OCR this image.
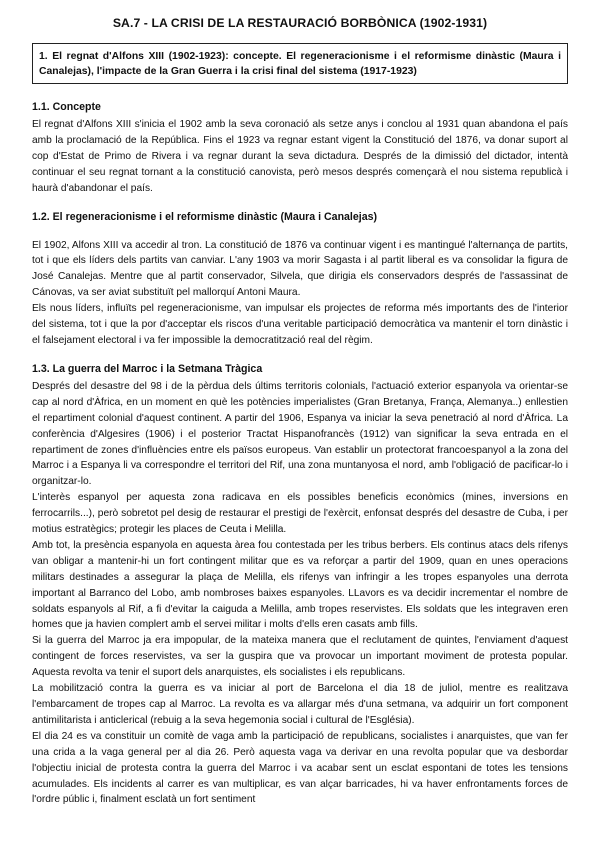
SA.7 - LA CRISI DE LA RESTAURACIÓ BORBÒNICA (1902-1931)
1. El regnat d'Alfons XIII (1902-1923): concepte. El regeneracionisme i el reformisme dinàstic (Maura i Canalejas), l'impacte de la Gran Guerra i la crisi final del sistema (1917-1923)
1.1. Concepte

El regnat d'Alfons XIII s'inicia el 1902 amb la seva coronació als setze anys i conclou al 1931 quan abandona el país amb la proclamació de la República. Fins el 1923 va regnar estant vigent la Constitució del 1876, va donar suport al cop d'Estat de Primo de Rivera i va regnar durant la seva dictadura. Després de la dimissió del dictador, intentà continuar el seu regnat tornant a la constitució canovista, però mesos després començarà el nou sistema republicà i haurà d'abandonar el país.

1.2. El regeneracionisme i el reformisme dinàstic (Maura i Canalejas)

El 1902, Alfons XIII va accedir al tron. La constitució de 1876 va continuar vigent i es mantingué l'alternança de partits, tot i que els líders dels partits van canviar. L'any 1903 va morir Sagasta i al partit liberal es va consolidar la figura de José Canalejas. Mentre que al partit conservador, Silvela, que dirigia els conservadors després de l'assassinat de Cánovas, va ser aviat substituït pel mallorquí Antoni Maura.

Els nous líders, influïts pel regeneracionisme, van impulsar els projectes de reforma més importants des de l'interior del sistema, tot i que la por d'acceptar els riscos d'una veritable participació democràtica va mantenir el torn dinàstic i el falsejament electoral i va fer impossible la democratització real del règim.

1.3. La guerra del Marroc i la Setmana Tràgica

Després del desastre del 98 i de la pèrdua dels últims territoris colonials, l'actuació exterior espanyola va orientar-se cap al nord d'Àfrica, en un moment en què les potències imperialistes (Gran Bretanya, França, Alemanya..) enllestien el repartiment colonial d'aquest continent. A partir del 1906, Espanya va iniciar la seva penetració al nord d'Àfrica. La conferència d'Algesires (1906) i el posterior Tractat Hispanofrancès (1912) van significar la seva entrada en el repartiment de zones d'influències entre els països europeus. Van establir un protectorat francoespanyol a la zona del Marroc i a Espanya li va correspondre el territori del Rif, una zona muntanyosa el nord, amb l'obligació de pacificar-lo i organitzar-lo.

L'interès espanyol per aquesta zona radicava en els possibles beneficis econòmics (mines, inversions en ferrocarrils...), però sobretot pel desig de restaurar el prestigi de l'exèrcit, enfonsat després del desastre de Cuba, i per motius estratègics; protegir les places de Ceuta i Melilla.

Amb tot, la presència espanyola en aquesta àrea fou contestada per les tribus berbers. Els continus atacs dels rifenys van obligar a mantenir-hi un fort contingent militar que es va reforçar a partir del 1909, quan en unes operacions militars destinades a assegurar la plaça de Melilla, els rifenys van infringir a les tropes espanyoles una derrota important al Barranco del Lobo, amb nombroses baixes espanyoles. LLavors es va decidir incrementar el nombre de soldats espanyols al Rif, a fi d'evitar la caiguda a Melilla, amb tropes reservistes. Els soldats que les integraven eren homes que ja havien complert amb el servei militar i molts d'ells eren casats amb fills.

Si la guerra del Marroc ja era impopular, de la mateixa manera que el reclutament de quintes, l'enviament d'aquest contingent de forces reservistes, va ser la guspira que va provocar un important moviment de protesta popular. Aquesta revolta va tenir el suport dels anarquistes, els socialistes i els republicans.

La mobilització contra la guerra es va iniciar al port de Barcelona el dia 18 de juliol, mentre es realitzava l'embarcament de tropes cap al Marroc. La revolta es va allargar més d'una setmana, va adquirir un fort component antimilitarista i anticlerical (rebuig a la seva hegemonia social i cultural de l'Església).

El dia 24 es va constituir un comitè de vaga amb la participació de republicans, socialistes i anarquistes, que van fer una crida a la vaga general per al dia 26. Però aquesta vaga va derivar en una revolta popular que va desbordar l'objectiu inicial de protesta contra la guerra del Marroc i va acabar sent un esclat espontani de totes les tensions acumulades. Els incidents al carrer es van multiplicar, es van alçar barricades, hi va haver enfrontaments forces de l'ordre públic i, finalment esclatà un fort sentiment
